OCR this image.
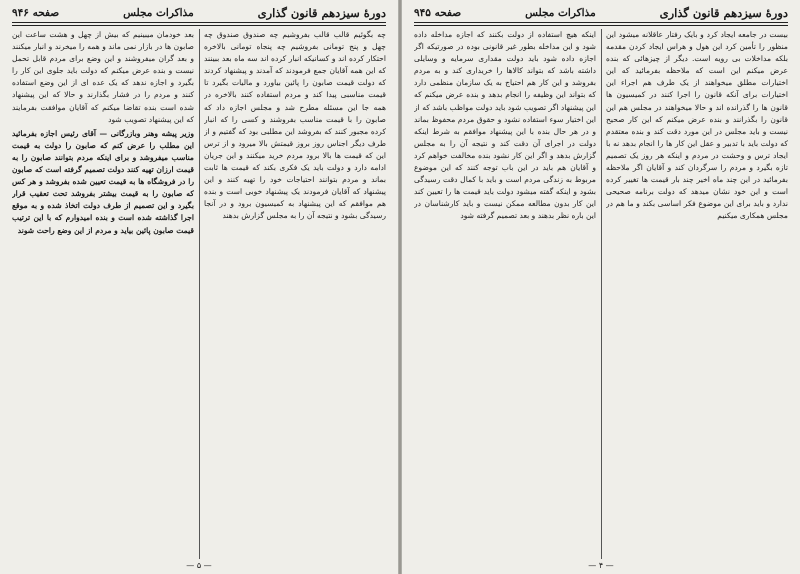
دورهٔ سیزدهم قانون گذاری
مذاکرات مجلس
صفحه ۹۴۶

چه بگوئیم قالب قالب بفروشیم چه صندوق صندوق چه چهل و پنج تومانی بفروشیم چه پنجاه تومانی بالاخره احتکار کرده اند و کسانیکه انبار کرده اند سه ماه بعد ببینند که این همه آقایان جمع فرمودند که آمدند و پیشنهاد کردند که دولت قیمت صابون را پائین بیاورد و مالیات بگیرد تا قیمت مناسبی پیدا کند و مردم استفاده کنند بالاخره در همه جا این مسئله مطرح شد و مجلس اجازه داد که صابون را با قیمت مناسب بفروشند و کسی را که انبار کرده مجبور کنند که بفروشد این مطلبی بود که گفتیم و از طرف دیگر اجناس روز بروز قیمتش بالا میرود و از ترس این که قیمت ها بالا برود مردم خرید میکنند و این جریان ادامه دارد و دولت باید یک فکری بکند که قیمت ها ثابت بماند و مردم بتوانند احتیاجات خود را تهیه کنند و این پیشنهاد که آقایان فرمودند یک پیشنهاد خوبی است و بنده هم موافقم که این پیشنهاد به کمیسیون برود و در آنجا رسیدگی بشود و نتیجه آن را به مجلس گزارش بدهند

بعد خودمان میبینیم که بیش از چهل و هشت ساعت این صابون ها در بازار نمی ماند و همه را میخرند و انبار میکنند و بعد گران میفروشند و این وضع برای مردم قابل تحمل نیست و بنده عرض میکنم که دولت باید جلوی این کار را بگیرد و اجازه ندهد که یک عده ای از این وضع استفاده کنند و مردم را در فشار بگذارند و حالا که این پیشنهاد شده است بنده تقاضا میکنم که آقایان موافقت بفرمایند که این پیشنهاد تصویب شود

وزیر پیشه وهنر وبازرگانی — آقای رئیس اجازه بفرمائید این مطلب را عرض کنم که صابون را دولت به قیمت مناسب میفروشد و برای اینکه مردم بتوانند صابون را به قیمت ارزان تهیه کنند دولت تصمیم گرفته است که صابون را در فروشگاه ها به قیمت تعیین شده بفروشد و هر کس که صابون را به قیمت بیشتر بفروشد تحت تعقیب قرار بگیرد و این تصمیم از طرف دولت اتخاذ شده و به موقع اجرا گذاشته شده است و بنده امیدوارم که با این ترتیب قیمت صابون پائین بیاید و مردم از این وضع راحت شوند

— ۵ —
دورهٔ سیزدهم قانون گذاری
مذاکرات مجلس
صفحه ۹۴۵

بیست در جامعه ایجاد کرد و بایک رفتار عاقلانه میشود این منظور را تأمین کرد این هول و هراس ایجاد کردن مقدمه بلکه مداخلات بی رویه است. دیگر از چیزهائی که بنده عرض میکنم این است که ملاحظه بفرمائید که این اختیارات مطلق میخواهند از یک طرف هم اجراء این اختیارات برای آنکه قانون را اجرا کنند در کمیسیون ها قانون ها را گذرانده اند و حالا میخواهند در مجلس هم این قانون را بگذرانند و بنده عرض میکنم که این کار صحیح نیست و باید مجلس در این مورد دقت کند و بنده معتقدم که دولت باید با تدبیر و عقل این کار ها را انجام بدهد نه با ایجاد ترس و وحشت در مردم و اینکه هر روز یک تصمیم تازه بگیرد و مردم را سرگردان کند و آقایان اگر ملاحظه بفرمائید در این چند ماه اخیر چند بار قیمت ها تغییر کرده است و این خود نشان میدهد که دولت برنامه صحیحی ندارد و باید برای این موضوع فکر اساسی بکند و ما هم در مجلس همکاری میکنیم

اینکه هیچ استفاده از دولت بکنند که اجازه مداخله داده شود و این مداخله بطور غیر قانونی بوده در صورتیکه اگر اجازه داده شود باید دولت مقداری سرمایه و وسایلی داشته باشد که بتواند کالاها را خریداری کند و به مردم بفروشد و این کار هم احتیاج به یک سازمان منظمی دارد که بتواند این وظیفه را انجام بدهد و بنده عرض میکنم که این پیشنهاد اگر تصویب شود باید دولت مواظب باشد که از این اختیار سوء استفاده نشود و حقوق مردم محفوظ بماند و در هر حال بنده با این پیشنهاد موافقم به شرط اینکه دولت در اجرای آن دقت کند و نتیجه آن را به مجلس گزارش بدهد و اگر این کار نشود بنده مخالفت خواهم کرد و آقایان هم باید در این باب توجه کنند که این موضوع مربوط به زندگی مردم است و باید با کمال دقت رسیدگی بشود و اینکه گفته میشود دولت باید قیمت ها را تعیین کند این کار بدون مطالعه ممکن نیست و باید کارشناسان در این باره نظر بدهند و بعد تصمیم گرفته شود

— ۴ —
